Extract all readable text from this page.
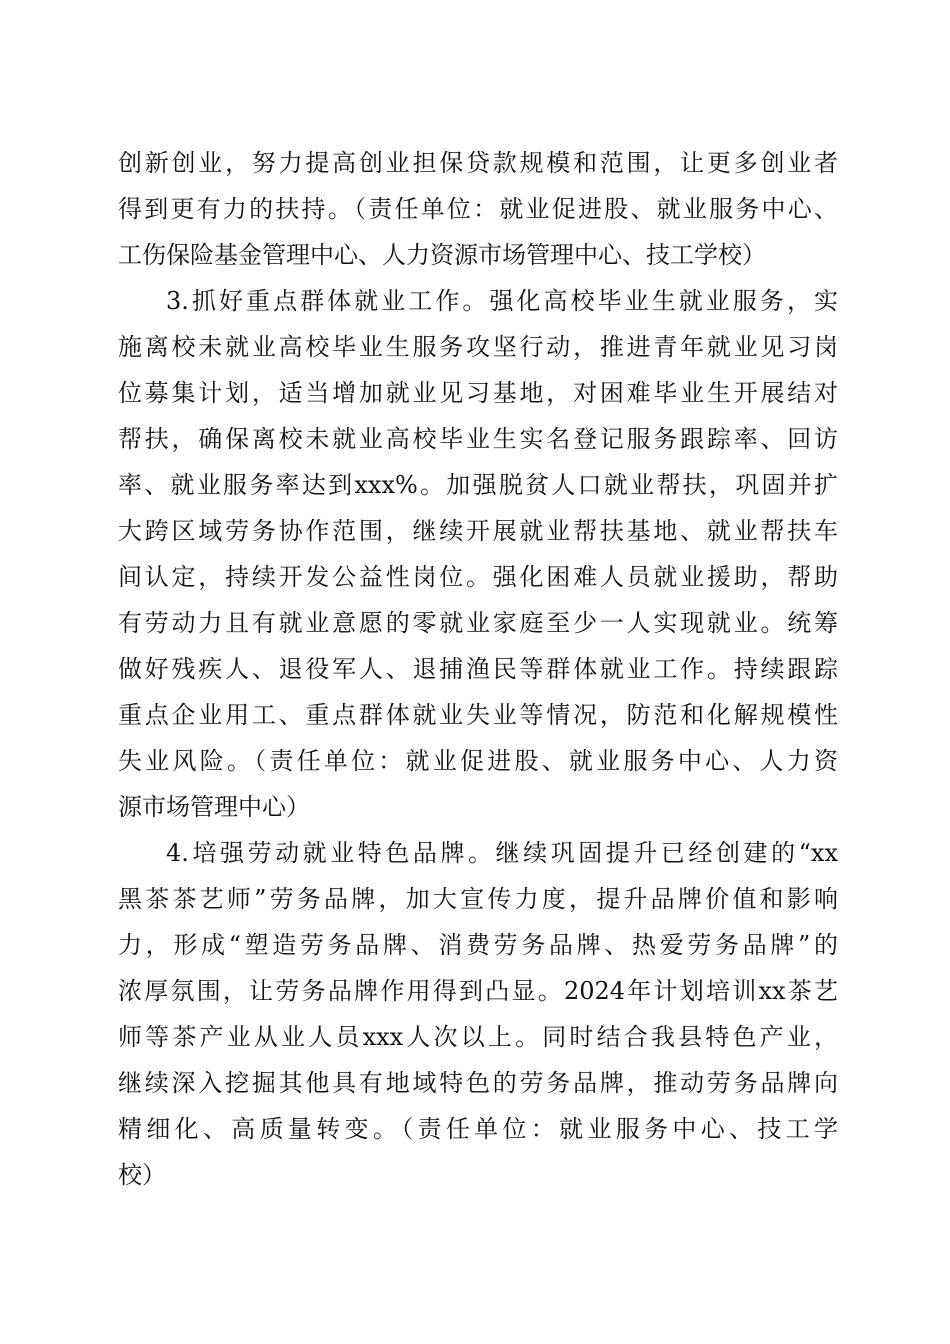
创新创业，努力提高创业担保贷款规模和范围，让更多创业者
得到更有力的扶持。（责任单位：就业促进股、就业服务中心、
工伤保险基金管理中心、人力资源市场管理中心、技工学校）
3.抓好重点群体就业工作。强化高校毕业生就业服务，实
施离校未就业高校毕业生服务攻坚行动，推进青年就业见习岗
位募集计划，适当增加就业见习基地，对困难毕业生开展结对
帮扶，确保离校未就业高校毕业生实名登记服务跟踪率、回访
率、就业服务率达到xxx%。加强脱贫人口就业帮扶，巩固并扩
大跨区域劳务协作范围，继续开展就业帮扶基地、就业帮扶车
间认定，持续开发公益性岗位。强化困难人员就业援助，帮助
有劳动力且有就业意愿的零就业家庭至少一人实现就业。统筹
做好残疾人、退役军人、退捕渔民等群体就业工作。持续跟踪
重点企业用工、重点群体就业失业等情况，防范和化解规模性
失业风险。（责任单位：就业促进股、就业服务中心、人力资
源市场管理中心）
4.培强劳动就业特色品牌。继续巩固提升已经创建的“xx
黑茶茶艺师”劳务品牌，加大宣传力度，提升品牌价值和影响
力，形成“塑造劳务品牌、消费劳务品牌、热爱劳务品牌”的
浓厚氛围，让劳务品牌作用得到凸显。2024年计划培训xx茶艺
师等茶产业从业人员xxx人次以上。同时结合我县特色产业，
继续深入挖掘其他具有地域特色的劳务品牌，推动劳务品牌向
精细化、高质量转变。（责任单位：就业服务中心、技工学
校）
